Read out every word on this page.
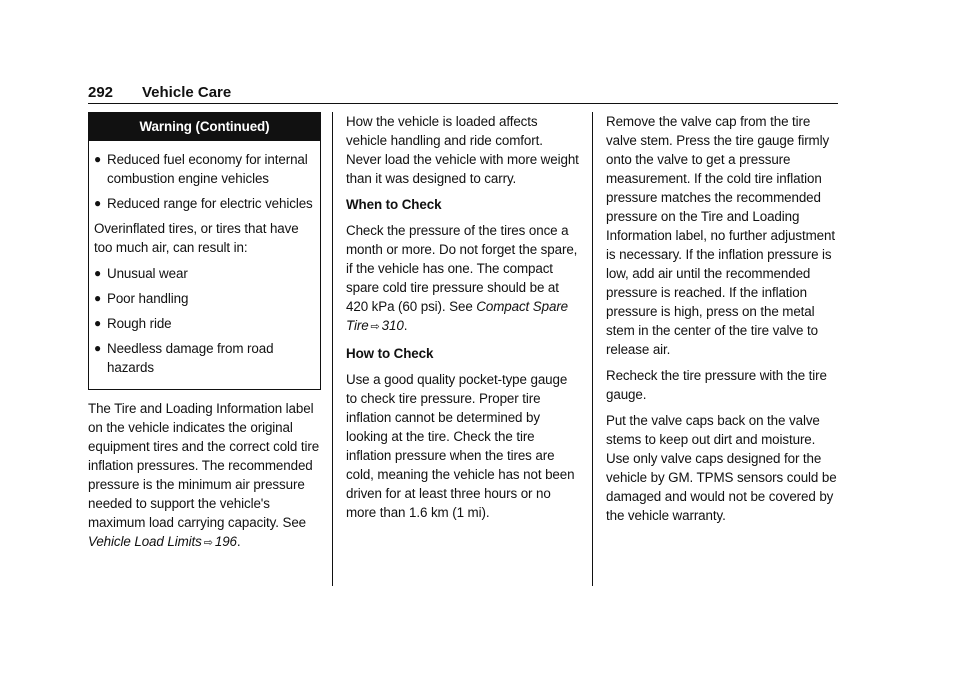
292 Vehicle Care
Warning (Continued)
● Reduced fuel economy for internal combustion engine vehicles
● Reduced range for electric vehicles

Overinflated tires, or tires that have too much air, can result in:

● Unusual wear
● Poor handling
● Rough ride
● Needless damage from road hazards

The Tire and Loading Information label on the vehicle indicates the original equipment tires and the correct cold tire inflation pressures. The recommended pressure is the minimum air pressure needed to support the vehicle's maximum load carrying capacity. See Vehicle Load Limits ⇨ 196.

How the vehicle is loaded affects vehicle handling and ride comfort. Never load the vehicle with more weight than it was designed to carry.

When to Check

Check the pressure of the tires once a month or more. Do not forget the spare, if the vehicle has one. The compact spare cold tire pressure should be at 420 kPa (60 psi). See Compact Spare Tire ⇨ 310.

How to Check

Use a good quality pocket-type gauge to check tire pressure. Proper tire inflation cannot be determined by looking at the tire. Check the tire inflation pressure when the tires are cold, meaning the vehicle has not been driven for at least three hours or no more than 1.6 km (1 mi).

Remove the valve cap from the tire valve stem. Press the tire gauge firmly onto the valve to get a pressure measurement. If the cold tire inflation pressure matches the recommended pressure on the Tire and Loading Information label, no further adjustment is necessary. If the inflation pressure is low, add air until the recommended pressure is reached. If the inflation pressure is high, press on the metal stem in the center of the tire valve to release air.

Recheck the tire pressure with the tire gauge.

Put the valve caps back on the valve stems to keep out dirt and moisture. Use only valve caps designed for the vehicle by GM. TPMS sensors could be damaged and would not be covered by the vehicle warranty.
